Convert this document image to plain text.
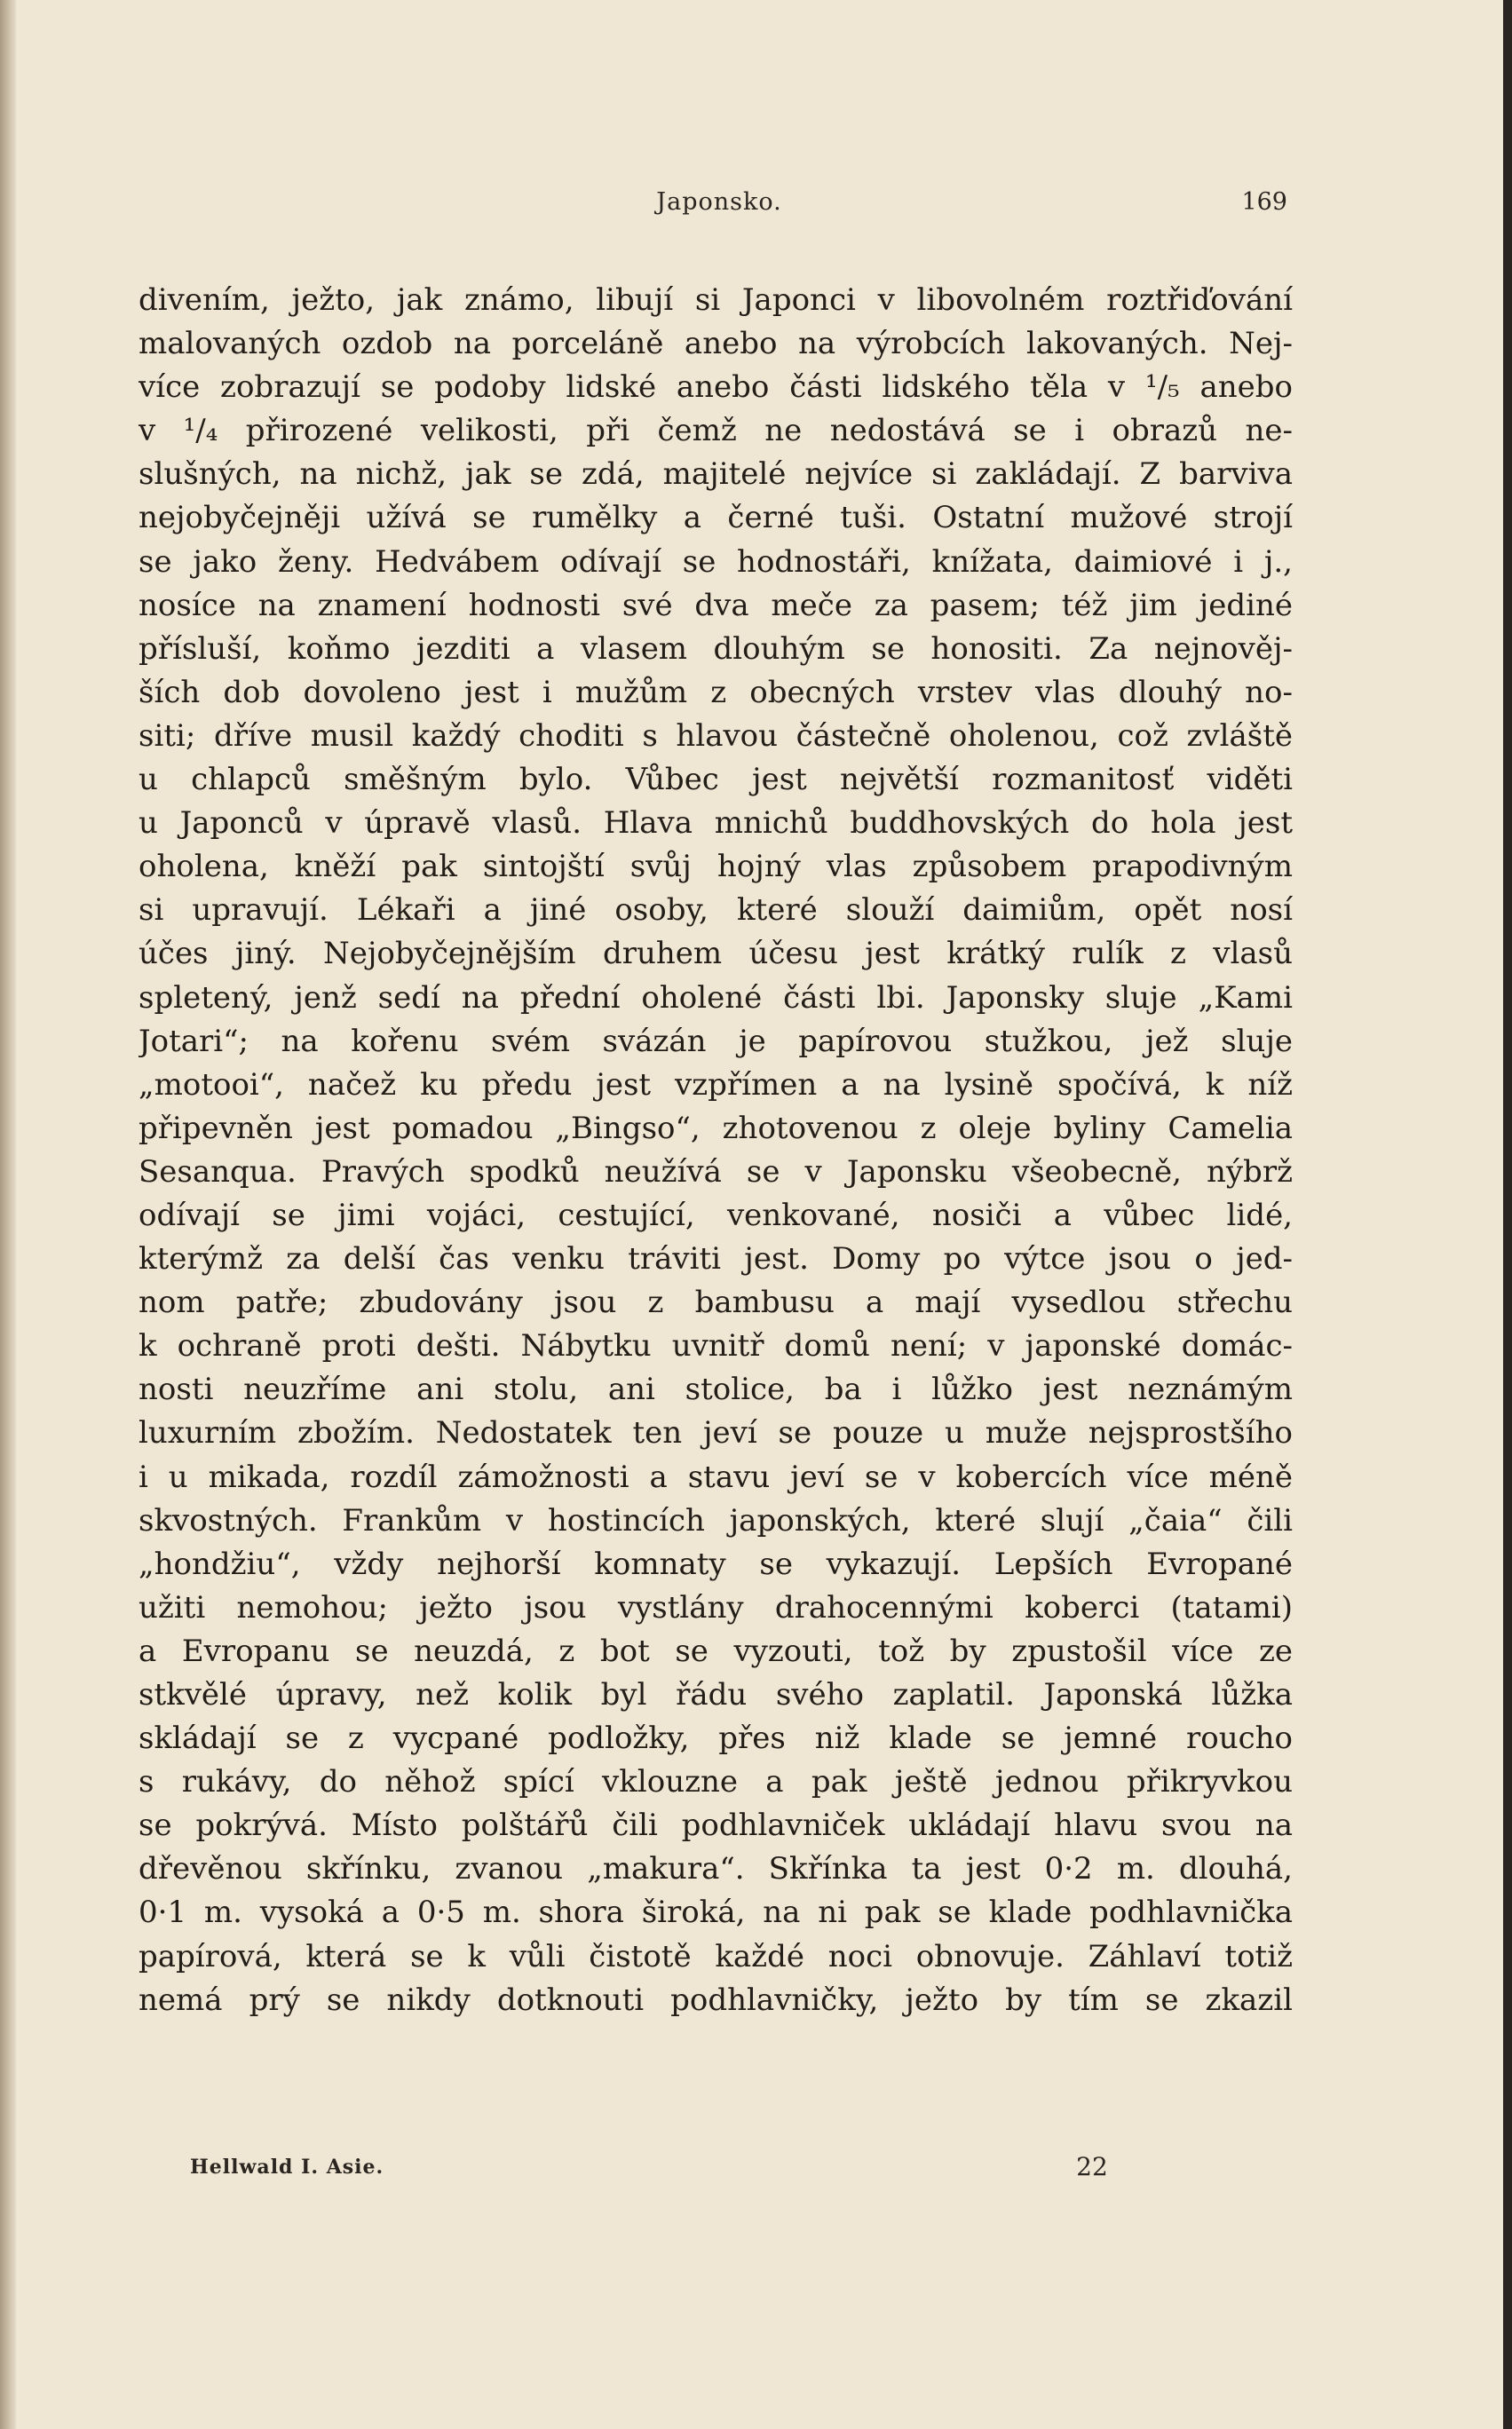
Japonsko.	169
divením, ježto, jak známo, libují si Japonci v libovolném roztřiďování
malovaných ozdob na porceláně anebo na výrobcích lakovaných. Nej-
více zobrazují se podoby lidské anebo části lidského těla v ¹/₅ anebo
v ¹/₄ přirozené velikosti, při čemž ne nedostává se i obrazů ne-
slušných, na nichž, jak se zdá, majitelé nejvíce si zakládají. Z barviva
nejobyčejněji užívá se rumělky a černé tuši. Ostatní mužové strojí
se jako ženy. Hedvábem odívají se hodnostáři, knížata, daimiové i j.,
nosíce na znamení hodnosti své dva meče za pasem; též jim jediné
přísluší, koňmo jezditi a vlasem dlouhým se honositi. Za nejnověj-
ších dob dovoleno jest i mužům z obecných vrstev vlas dlouhý no-
siti; dříve musil každý choditi s hlavou částečně oholenou, což zvláště
u chlapců směšným bylo. Vůbec jest největší rozmanitosť viděti
u Japonců v úpravě vlasů. Hlava mnichů buddhovských do hola jest
oholena, kněží pak sintojští svůj hojný vlas způsobem prapodivným
si upravují. Lékaři a jiné osoby, které slouží daimiům, opět nosí
účes jiný. Nejobyčejnějším druhem účesu jest krátký rulík z vlasů
spletený, jenž sedí na přední oholené části lbi. Japonsky sluje „Kami
Jotari“; na kořenu svém svázán je papírovou stužkou, jež sluje
„motooi“, načež ku předu jest vzpřímen a na lysině spočívá, k níž
připevněn jest pomadou „Bingso“, zhotovenou z oleje byliny Camelia
Sesanqua. Pravých spodků neužívá se v Japonsku všeobecně, nýbrž
odívají se jimi vojáci, cestující, venkované, nosiči a vůbec lidé,
kterýmž za delší čas venku tráviti jest. Domy po výtce jsou o jed-
nom patře; zbudovány jsou z bambusu a mají vysedlou střechu
k ochraně proti dešti. Nábytku uvnitř domů není; v japonské domác-
nosti neuzříme ani stolu, ani stolice, ba i lůžko jest neznámým
luxurním zbožím. Nedostatek ten jeví se pouze u muže nejsprostšího
i u mikada, rozdíl zámožnosti a stavu jeví se v kobercích více méně
skvostných. Frankům v hostincích japonských, které slují „čaia“ čili
„hondžiu“, vždy nejhorší komnaty se vykazují. Lepších Evropané
užiti nemohou; ježto jsou vystlány drahocennými koberci (tatami)
a Evropanu se neuzdá, z bot se vyzouti, tož by zpustošil více ze
stkvělé úpravy, než kolik byl řádu svého zaplatil. Japonská lůžka
skládají se z vycpané podložky, přes niž klade se jemné roucho
s rukávy, do něhož spící vklouzne a pak ještě jednou přikryvkou
se pokrývá. Místo polštářů čili podhlavniček ukládají hlavu svou na
dřevěnou skřínku, zvanou „makura“. Skřínka ta jest 0·2 m. dlouhá,
0·1 m. vysoká a 0·5 m. shora široká, na ni pak se klade podhlavnička
papírová, která se k vůli čistotě každé noci obnovuje. Záhlaví totiž
nemá prý se nikdy dotknouti podhlavničky, ježto by tím se zkazil
Hellwald I. Asie.	22
